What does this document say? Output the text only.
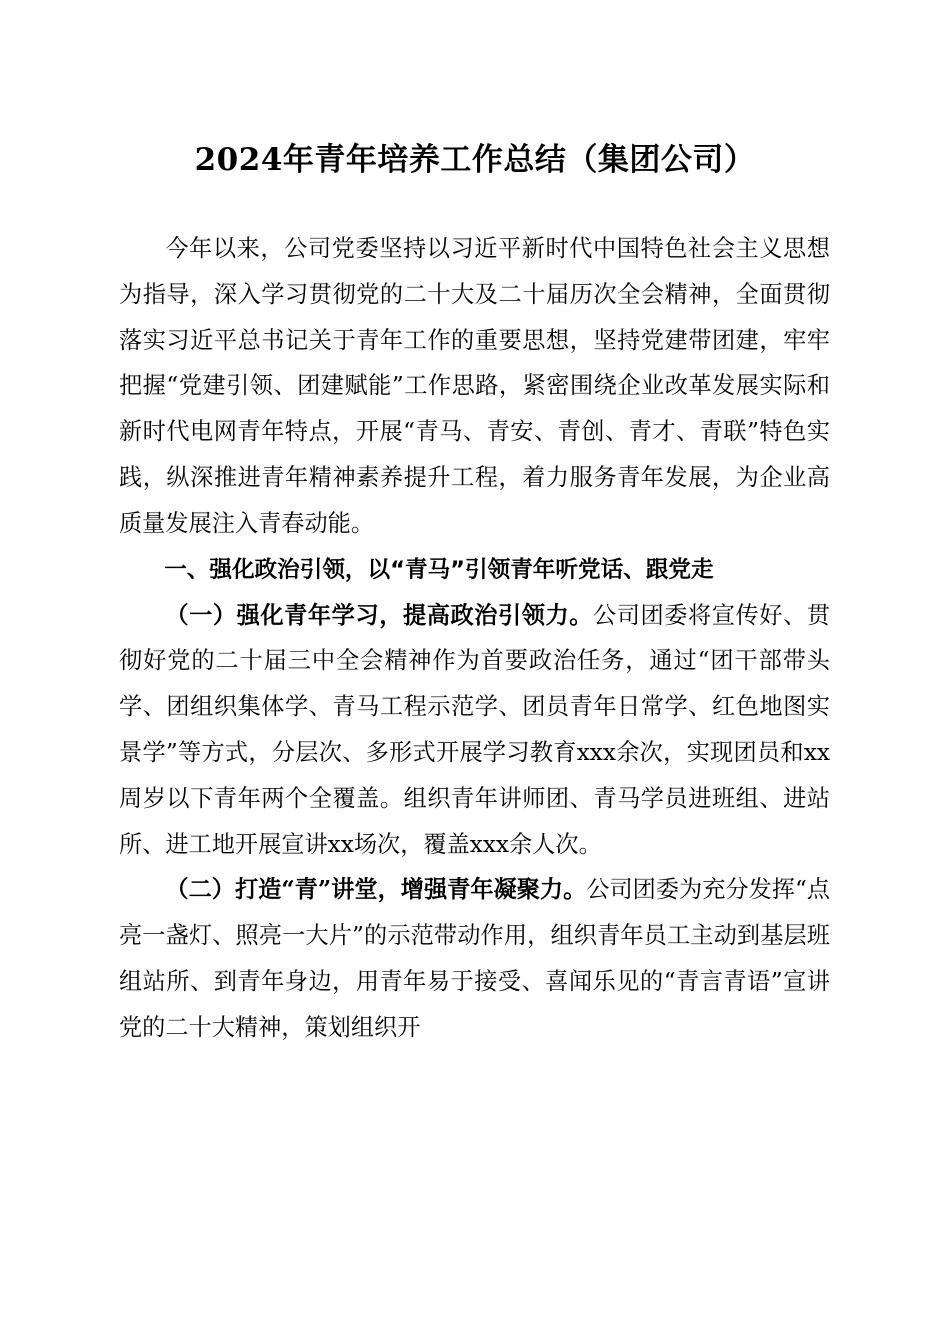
2024年青年培养工作总结（集团公司）

今年以来，公司党委坚持以习近平新时代中国特色社会主义思想为指导，深入学习贯彻党的二十大及二十届历次全会精神，全面贯彻落实习近平总书记关于青年工作的重要思想，坚持党建带团建，牢牢把握“党建引领、团建赋能”工作思路，紧密围绕企业改革发展实际和新时代电网青年特点，开展“青马、青安、青创、青才、青联”特色实践，纵深推进青年精神素养提升工程，着力服务青年发展，为企业高质量发展注入青春动能。

一、强化政治引领，以“青马”引领青年听党话、跟党走

（一）强化青年学习，提高政治引领力。公司团委将宣传好、贯彻好党的二十届三中全会精神作为首要政治任务，通过“团干部带头学、团组织集体学、青马工程示范学、团员青年日常学、红色地图实景学”等方式，分层次、多形式开展学习教育xxx余次，实现团员和xx周岁以下青年两个全覆盖。组织青年讲师团、青马学员进班组、进站所、进工地开展宣讲xx场次，覆盖xxx余人次。

（二）打造“青”讲堂，增强青年凝聚力。公司团委为充分发挥“点亮一盏灯、照亮一大片”的示范带动作用，组织青年员工主动到基层班组站所、到青年身边，用青年易于接受、喜闻乐见的“青言青语”宣讲党的二十大精神，策划组织开
